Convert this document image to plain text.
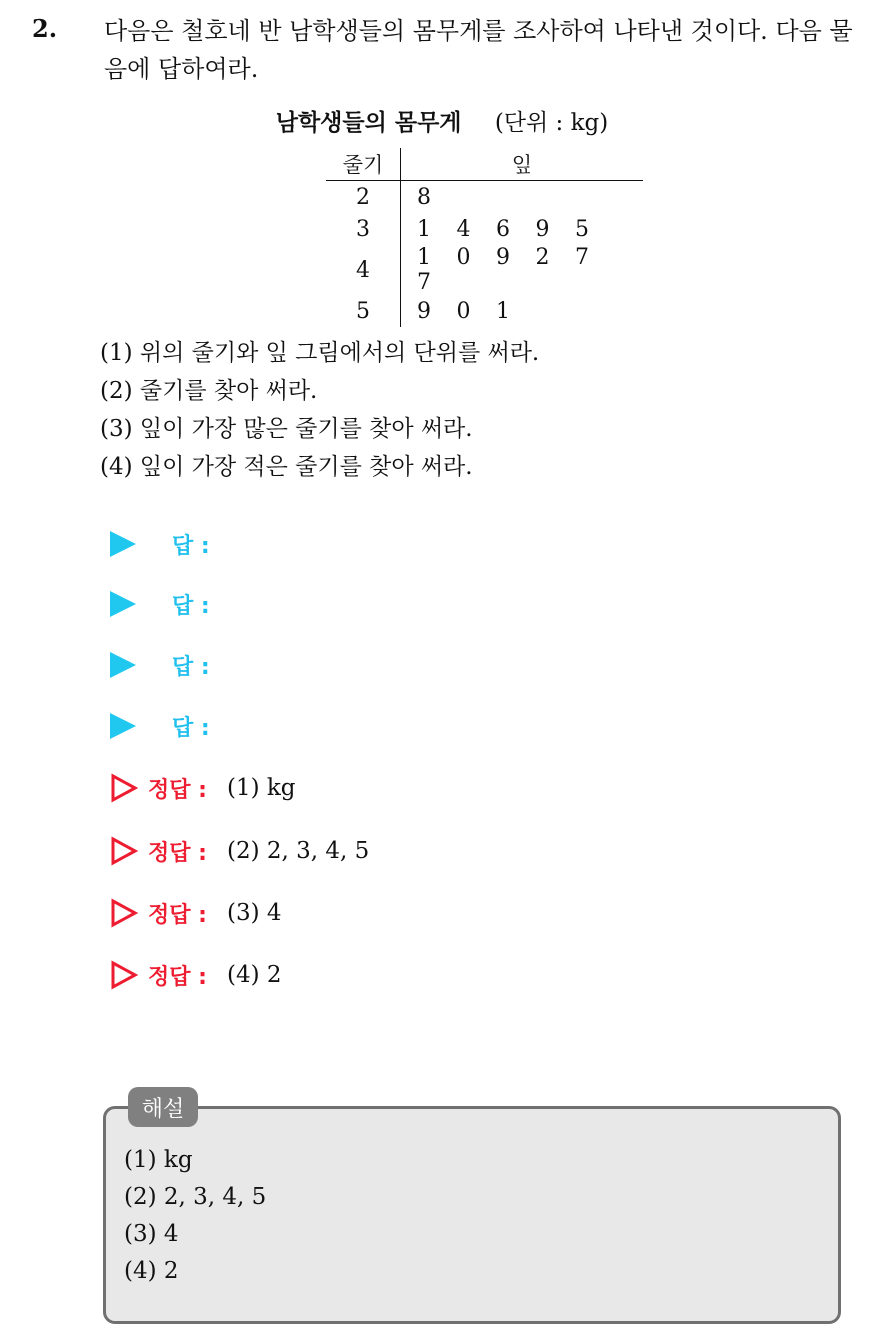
2. 다음은 철호네 반 남학생들의 몸무게를 조사하여 나타낸 것이다. 다음 물음에 답하여라.
남학생들의 몸무게 (단위 : kg)
줄기	잎
2	8
3	1 4 6 9 5
4	1 0 9 2 77
5	9 0 1
(1) 위의 줄기와 잎 그림에서의 단위를 써라.
(2) 줄기를 찾아 써라.
(3) 잎이 가장 많은 줄기를 찾아 써라.
(4) 잎이 가장 적은 줄기를 찾아 써라.
답 :
답 :
답 :
답 :
정답 : (1) kg
정답 : (2) 2, 3, 4, 5
정답 : (3) 4
정답 : (4) 2
해설
(1) kg
(2) 2, 3, 4, 5
(3) 4
(4) 2
